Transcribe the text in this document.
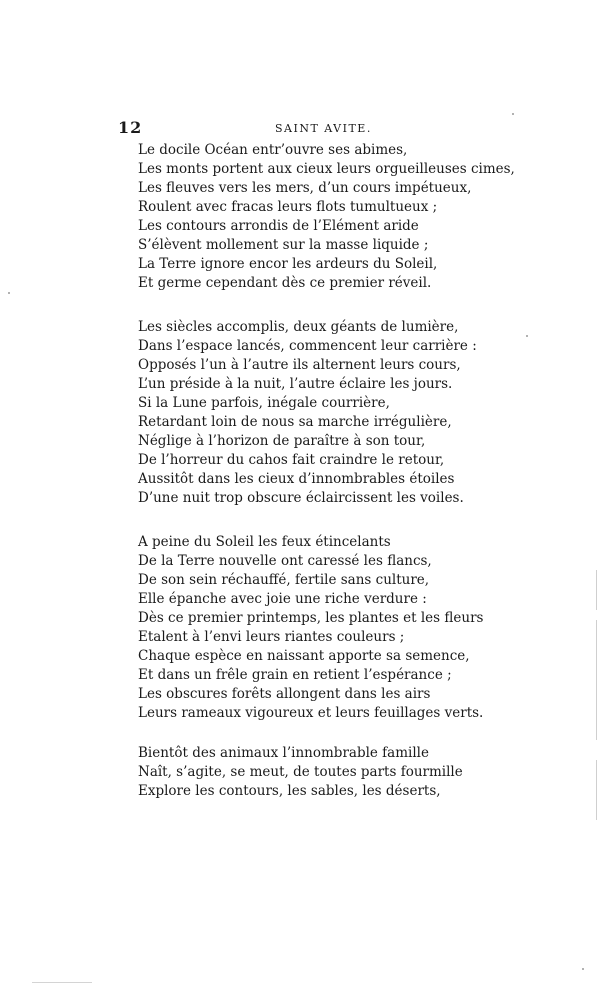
12	SAINT AVITE.
Le docile Océan entr’ouvre ses abimes,
Les monts portent aux cieux leurs orgueilleuses cimes,
Les fleuves vers les mers, d’un cours impétueux,
Roulent avec fracas leurs flots tumultueux ;
Les contours arrondis de l’Elément aride
S’élèvent mollement sur la masse liquide ;
La Terre ignore encor les ardeurs du Soleil,
Et germe cependant dès ce premier réveil.
Les siècles accomplis, deux géants de lumière,
Dans l’espace lancés, commencent leur carrière :
Opposés l’un à l’autre ils alternent leurs cours,
L’un préside à la nuit, l’autre éclaire les jours.
Si la Lune parfois, inégale courrière,
Retardant loin de nous sa marche irrégulière,
Néglige à l’horizon de paraître à son tour,
De l’horreur du cahos fait craindre le retour,
Aussitôt dans les cieux d’innombrables étoiles
D’une nuit trop obscure éclaircissent les voiles.
A peine du Soleil les feux étincelants
De la Terre nouvelle ont caressé les flancs,
De son sein réchauffé, fertile sans culture,
Elle épanche avec joie une riche verdure :
Dès ce premier printemps, les plantes et les fleurs
Etalent à l’envi leurs riantes couleurs ;
Chaque espèce en naissant apporte sa semence,
Et dans un frêle grain en retient l’espérance ;
Les obscures forêts allongent dans les airs
Leurs rameaux vigoureux et leurs feuillages verts.
Bientôt des animaux l’innombrable famille
Naît, s’agite, se meut, de toutes parts fourmille
Explore les contours, les sables, les déserts,
